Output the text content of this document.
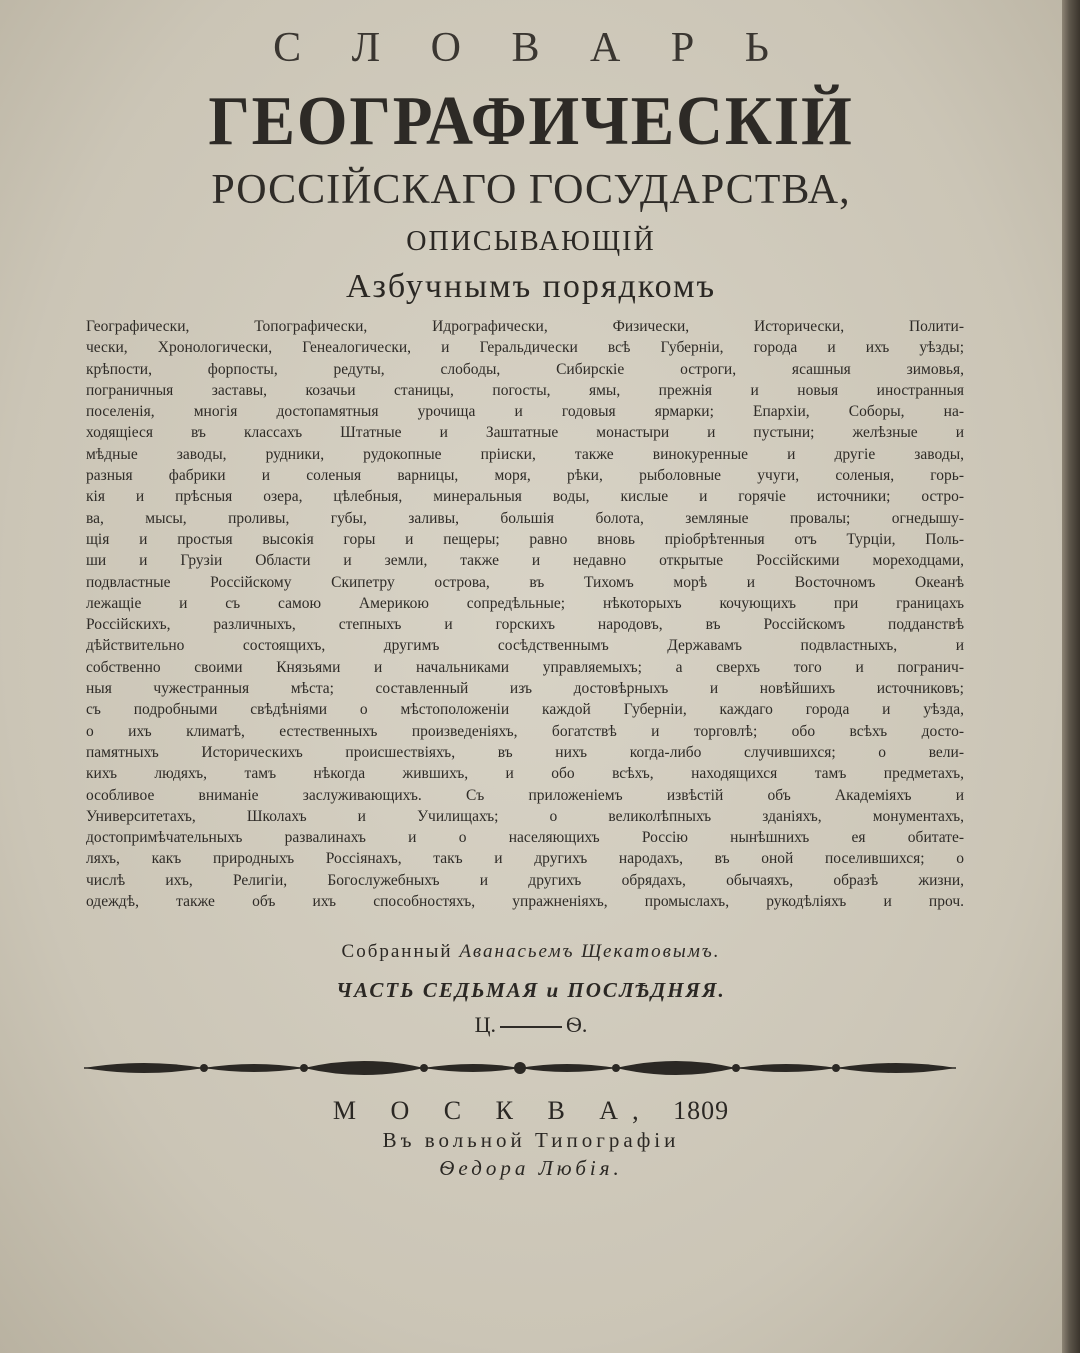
С Л О В А Р Ь
ГЕОГРАФИЧЕСКIЙ
РОССIЙСКАГО ГОСУДАРСТВА,
ОПИСЫВАЮЩIЙ
Азбучнымъ порядкомъ
Географически, Топографически, Идрографически, Физически, Исторически, Полити-
чески, Хронологически, Генеалогически, и Геральдически всѣ Губернiи, города и ихъ уѣзды;
крѣпости, форпосты, редуты, слободы, Сибирскiе остроги, ясашныя зимовья,
пограничныя заставы, козачьи станицы, погосты, ямы, прежнiя и новыя иностранныя
поселенiя, многiя достопамятныя урочища и годовыя ярмарки; Епархiи, Соборы, на-
ходящiеся въ классахъ Штатные и Заштатные монастыри и пустыни; желѣзные и
мѣдные заводы, рудники, рудокопные прiиски, также винокуренные и другiе заводы,
разныя фабрики и соленыя варницы, моря, рѣки, рыболовные учуги, соленыя, горь-
кiя и прѣсныя озера, цѣлебныя, минеральныя воды, кислые и горячiе источники; остро-
ва, мысы, проливы, губы, заливы, большiя болота, земляные провалы; огнедышу-
щiя и простыя высокiя горы и пещеры; равно вновь прiобрѣтенныя отъ Турцiи, Поль-
ши и Грузiи Области и земли, также и недавно открытые Россiйскими мореходцами,
подвластные Россiйскому Скипетру острова, въ Тихомъ морѣ и Восточномъ Океанѣ
лежащiе и съ самою Америкою сопредѣльные; нѣкоторыхъ кочующихъ при границахъ
Россiйскихъ, различныхъ, степныхъ и горскихъ народовъ, въ Россiйскомъ подданствѣ
дѣйствительно состоящихъ, другимъ сосѣдственнымъ Державамъ подвластныхъ, и
собственно своими Князьями и начальниками управляемыхъ; а сверхъ того и погранич-
ныя чужестранныя мѣста; составленный изъ достовѣрныхъ и новѣйшихъ источниковъ;
съ подробными свѣдѣнiями о мѣстоположенiи каждой Губернiи, каждаго города и уѣзда,
о ихъ климатѣ, естественныхъ произведенiяхъ, богатствѣ и торговлѣ; обо всѣхъ досто-
памятныхъ Историческихъ происшествiяхъ, въ нихъ когда-либо случившихся; о вели-
кихъ людяхъ, тамъ нѣкогда жившихъ, и обо всѣхъ, находящихся тамъ предметахъ,
особливое вниманiе заслуживающихъ. Съ приложенiемъ извѣстiй объ Академiяхъ и
Университетахъ, Школахъ и Училищахъ; о великолѣпныхъ зданiяхъ, монументахъ,
достопримѣчательныхъ развалинахъ и о населяющихъ Россiю нынѣшнихъ ея обитате-
ляхъ, какъ природныхъ Россiянахъ, такъ и другихъ народахъ, въ оной поселившихся; о
числѣ ихъ, Религiи, Богослужебныхъ и другихъ обрядахъ, обычаяхъ, образѣ жизни,
одеждѣ, также объ ихъ способностяхъ, упражненiяхъ, промыслахъ, рукодѣлiяхъ и проч.
Собранный Аванасьемъ Щекатовымъ.
ЧАСТЬ СЕДЬМАЯ и ПОСЛѢДНЯЯ.
Ц.	Ѳ.
М О С К В А, 1809
Въ вольной Типографiи
Ѳедора Любiя.
